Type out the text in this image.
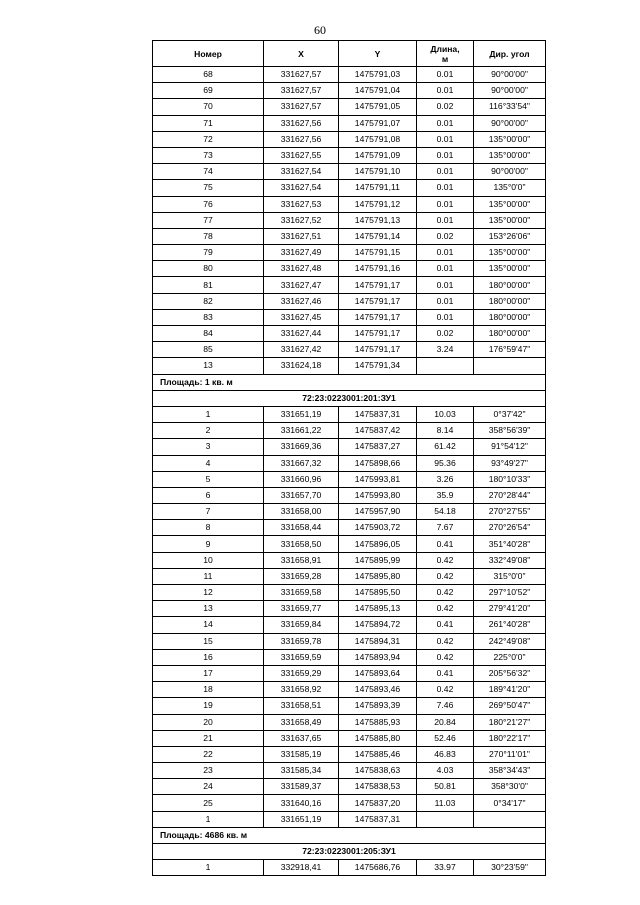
60
Номер	X	Y	Длина,
м	Дир. угол
68	331627,57	1475791,03	0.01	90°00'00"
69	331627,57	1475791,04	0.01	90°00'00"
70	331627,57	1475791,05	0.02	116°33'54"
71	331627,56	1475791,07	0.01	90°00'00"
72	331627,56	1475791,08	0.01	135°00'00"
73	331627,55	1475791,09	0.01	135°00'00"
74	331627,54	1475791,10	0.01	90°00'00"
75	331627,54	1475791,11	0.01	135°0'0"
76	331627,53	1475791,12	0.01	135°00'00"
77	331627,52	1475791,13	0.01	135°00'00"
78	331627,51	1475791,14	0.02	153°26'06"
79	331627,49	1475791,15	0.01	135°00'00"
80	331627,48	1475791,16	0.01	135°00'00"
81	331627,47	1475791,17	0.01	180°00'00"
82	331627,46	1475791,17	0.01	180°00'00"
83	331627,45	1475791,17	0.01	180°00'00"
84	331627,44	1475791,17	0.02	180°00'00"
85	331627,42	1475791,17	3.24	176°59'47"
13	331624,18	1475791,34		
Площадь: 1 кв. м				
72:23:0223001:201:ЗУ1				
1	331651,19	1475837,31	10.03	0°37'42"
2	331661,22	1475837,42	8.14	358°56'39"
3	331669,36	1475837,27	61.42	91°54'12"
4	331667,32	1475898,66	95.36	93°49'27"
5	331660,96	1475993,81	3.26	180°10'33"
6	331657,70	1475993,80	35.9	270°28'44"
7	331658,00	1475957,90	54.18	270°27'55"
8	331658,44	1475903,72	7.67	270°26'54"
9	331658,50	1475896,05	0.41	351°40'28"
10	331658,91	1475895,99	0.42	332°49'08"
11	331659,28	1475895,80	0.42	315°0'0"
12	331659,58	1475895,50	0.42	297°10'52"
13	331659,77	1475895,13	0.42	279°41'20"
14	331659,84	1475894,72	0.41	261°40'28"
15	331659,78	1475894,31	0.42	242°49'08"
16	331659,59	1475893,94	0.42	225°0'0"
17	331659,29	1475893,64	0.41	205°56'32"
18	331658,92	1475893,46	0.42	189°41'20"
19	331658,51	1475893,39	7.46	269°50'47"
20	331658,49	1475885,93	20.84	180°21'27"
21	331637,65	1475885,80	52.46	180°22'17"
22	331585,19	1475885,46	46.83	270°11'01"
23	331585,34	1475838,63	4.03	358°34'43"
24	331589,37	1475838,53	50.81	358°30'0"
25	331640,16	1475837,20	11.03	0°34'17"
1	331651,19	1475837,31		
Площадь: 4686 кв. м				
72:23:0223001:205:ЗУ1				
1	332918,41	1475686,76	33.97	30°23'59"
